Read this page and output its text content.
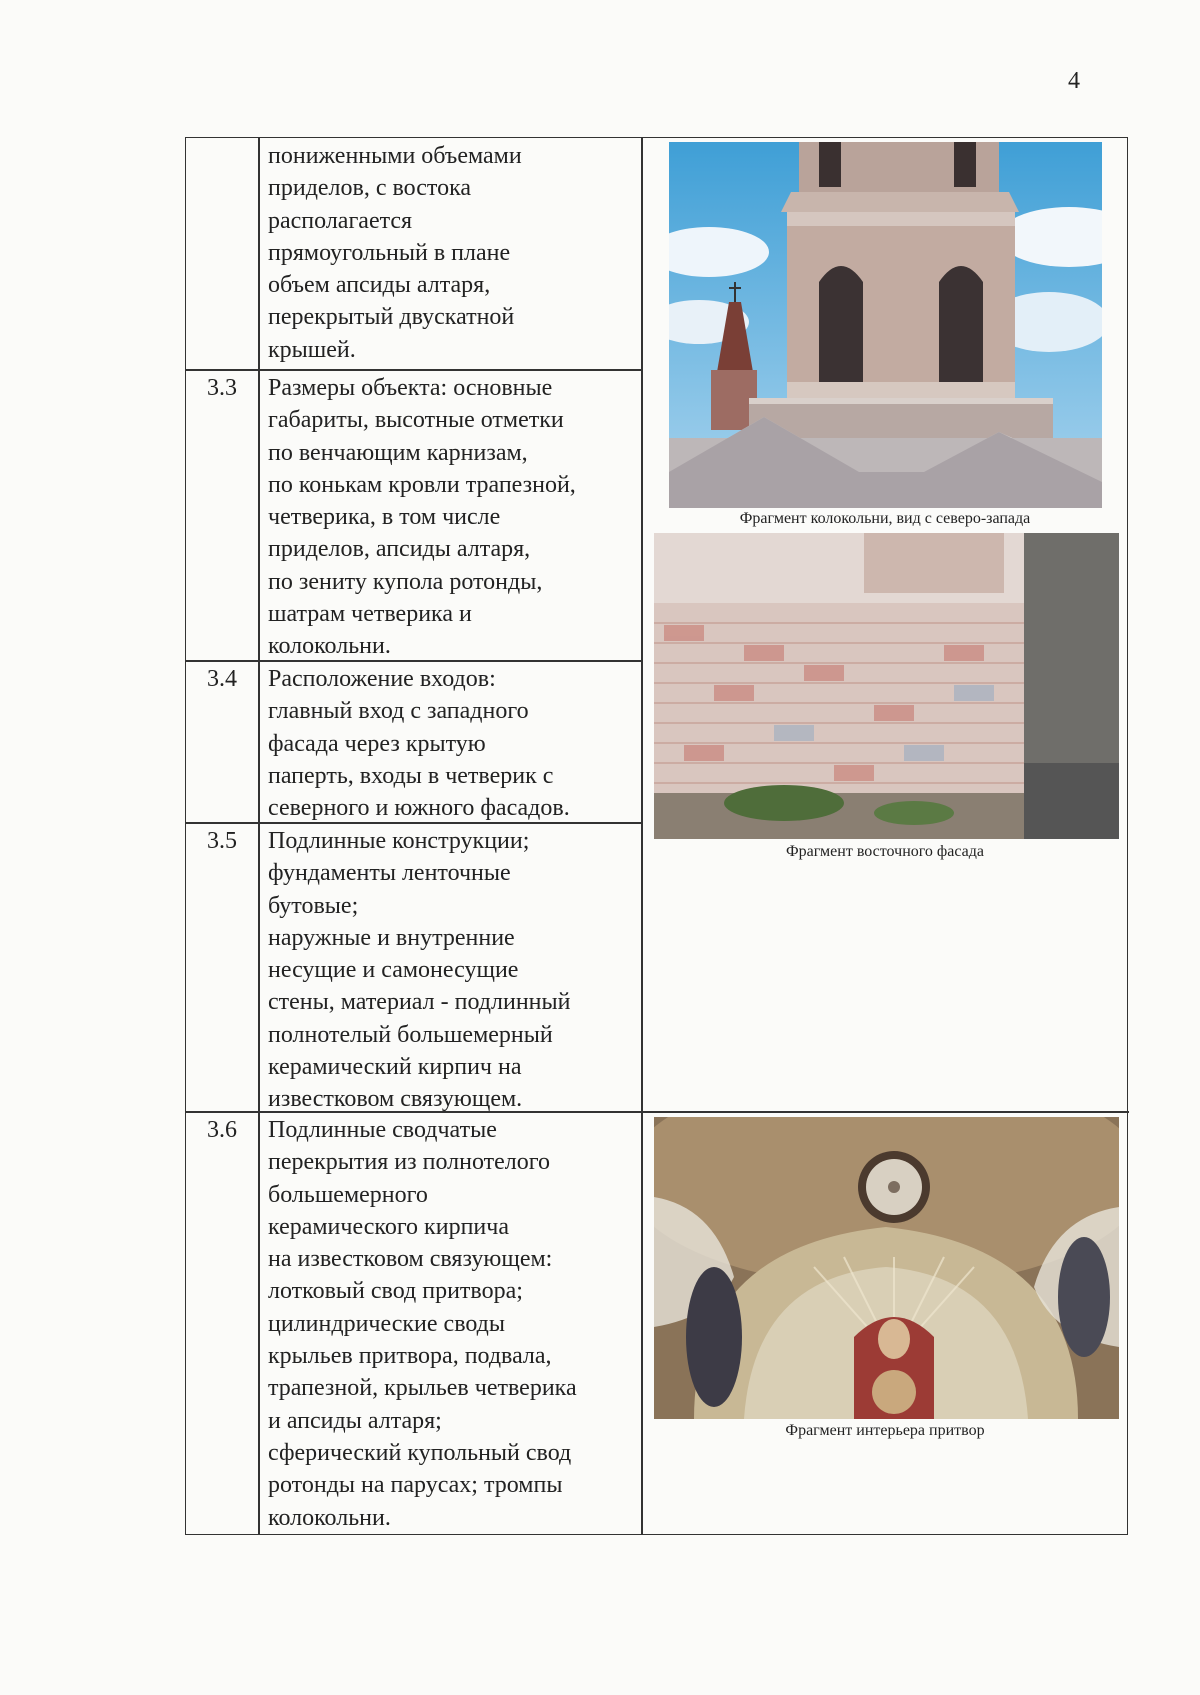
4
пониженными объемами
приделов, с востока
располагается
прямоугольный в плане
объем апсиды алтаря,
перекрытый двускатной
крышей.
3.3	Размеры объекта: основные
габариты, высотные отметки
по венчающим карнизам,
по конькам кровли трапезной,
четверика, в том числе
приделов, апсиды алтаря,
по зениту купола ротонды,
шатрам четверика и
колокольни.
3.4	Расположение входов:
главный вход с западного
фасада через крытую
паперть, входы в четверик с
северного и южного фасадов.
3.5	Подлинные конструкции;
фундаменты ленточные
бутовые;
наружные и внутренние
несущие и самонесущие
стены, материал - подлинный
полнотелый большемерный
керамический кирпич на
известковом связующем.
3.6	Подлинные сводчатые
перекрытия из полнотелого
большемерного
керамического кирпича
на известковом связующем:
лотковый свод притвора;
цилиндрические своды
крыльев притвора, подвала,
трапезной, крыльев четверика
и апсиды алтаря;
сферический купольный свод
ротонды на парусах; тромпы
колокольни.
Фрагмент колокольни, вид с северо-запада
Фрагмент восточного фасада
Фрагмент интерьера притвор
